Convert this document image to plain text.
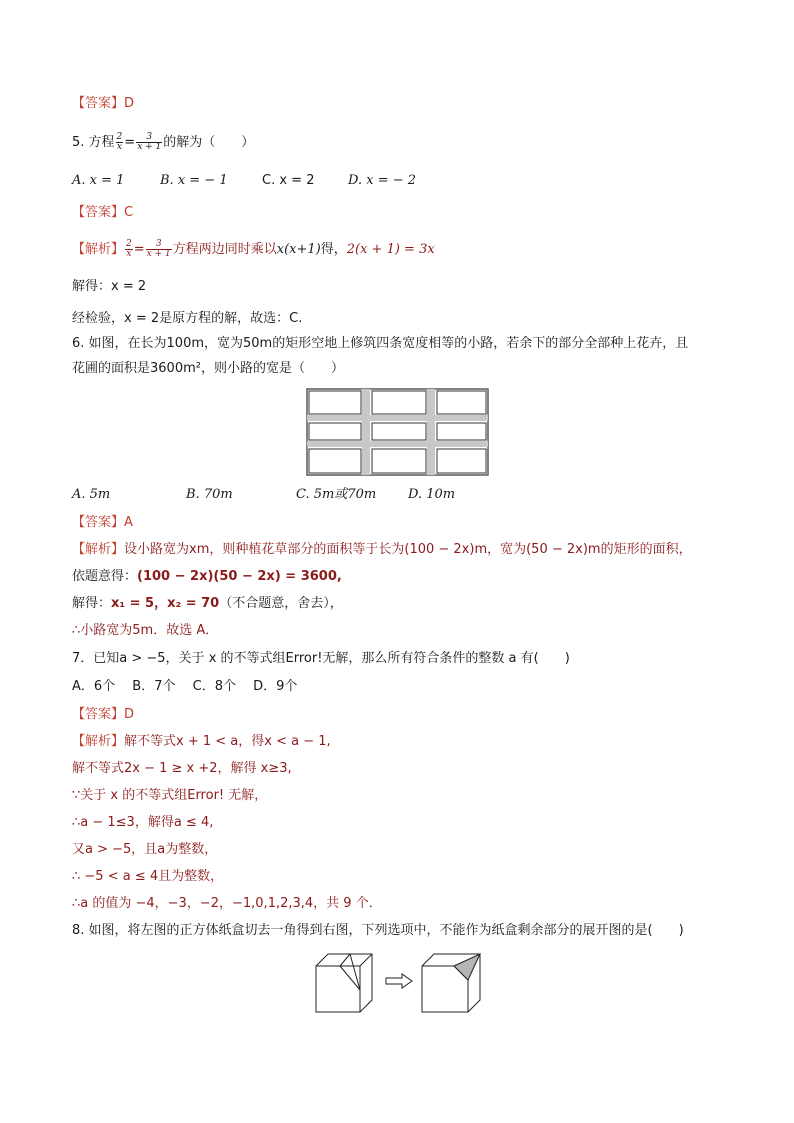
【答案】D
5. 方程 $\frac{2}{x} = \frac{3}{x + 1}$ 的解为（　　）
A. x = 1	B. x = − 1	C. x = 2	D. x = − 2
【答案】C
【解析】 $\frac{2}{x} = \frac{3}{x + 1}$ 方程两边同时乘以x(x+1)得，2(x + 1) = 3x
解得：x = 2
经检验，x = 2是原方程的解，故选：C.
6. 如图，在长为100m，宽为50m的矩形空地上修筑四条宽度相等的小路，若余下的部分全部种上花卉，且
花圃的面积是3600m²，则小路的宽是（　　）
A. 5m	B. 70m	C. 5m或70m D. 10m
【答案】A
【解析】设小路宽为xm，则种植花草部分的面积等于长为(100 − 2x)m，宽为(50 − 2x)m的矩形的面积，
依题意得：(100 − 2x)(50 − 2x) = 3600,
解得：x₁ = 5，x₂ = 70（不合题意，舍去），
∴小路宽为5m．故选 A．
7．已知a > −5，关于 x 的不等式组Error!无解，那么所有符合条件的整数 a 有(　　)
A．6个　 B．7个　 C．8个　 D．9个
【答案】D
【解析】解不等式x + 1 < a，得x < a − 1,
解不等式2x − 1 ≥ x +2，解得 x≥3,
∵关于 x 的不等式组Error! 无解，
∴a − 1≤3，解得a ≤ 4,
又a > −5，且a为整数，
∴ −5 < a ≤ 4且为整数，
∴a 的值为 −4，−3，−2，−1,0,1,2,3,4，共 9 个．
8. 如图，将左图的正方体纸盒切去一角得到右图，下列选项中，不能作为纸盒剩余部分的展开图的是(　　)
